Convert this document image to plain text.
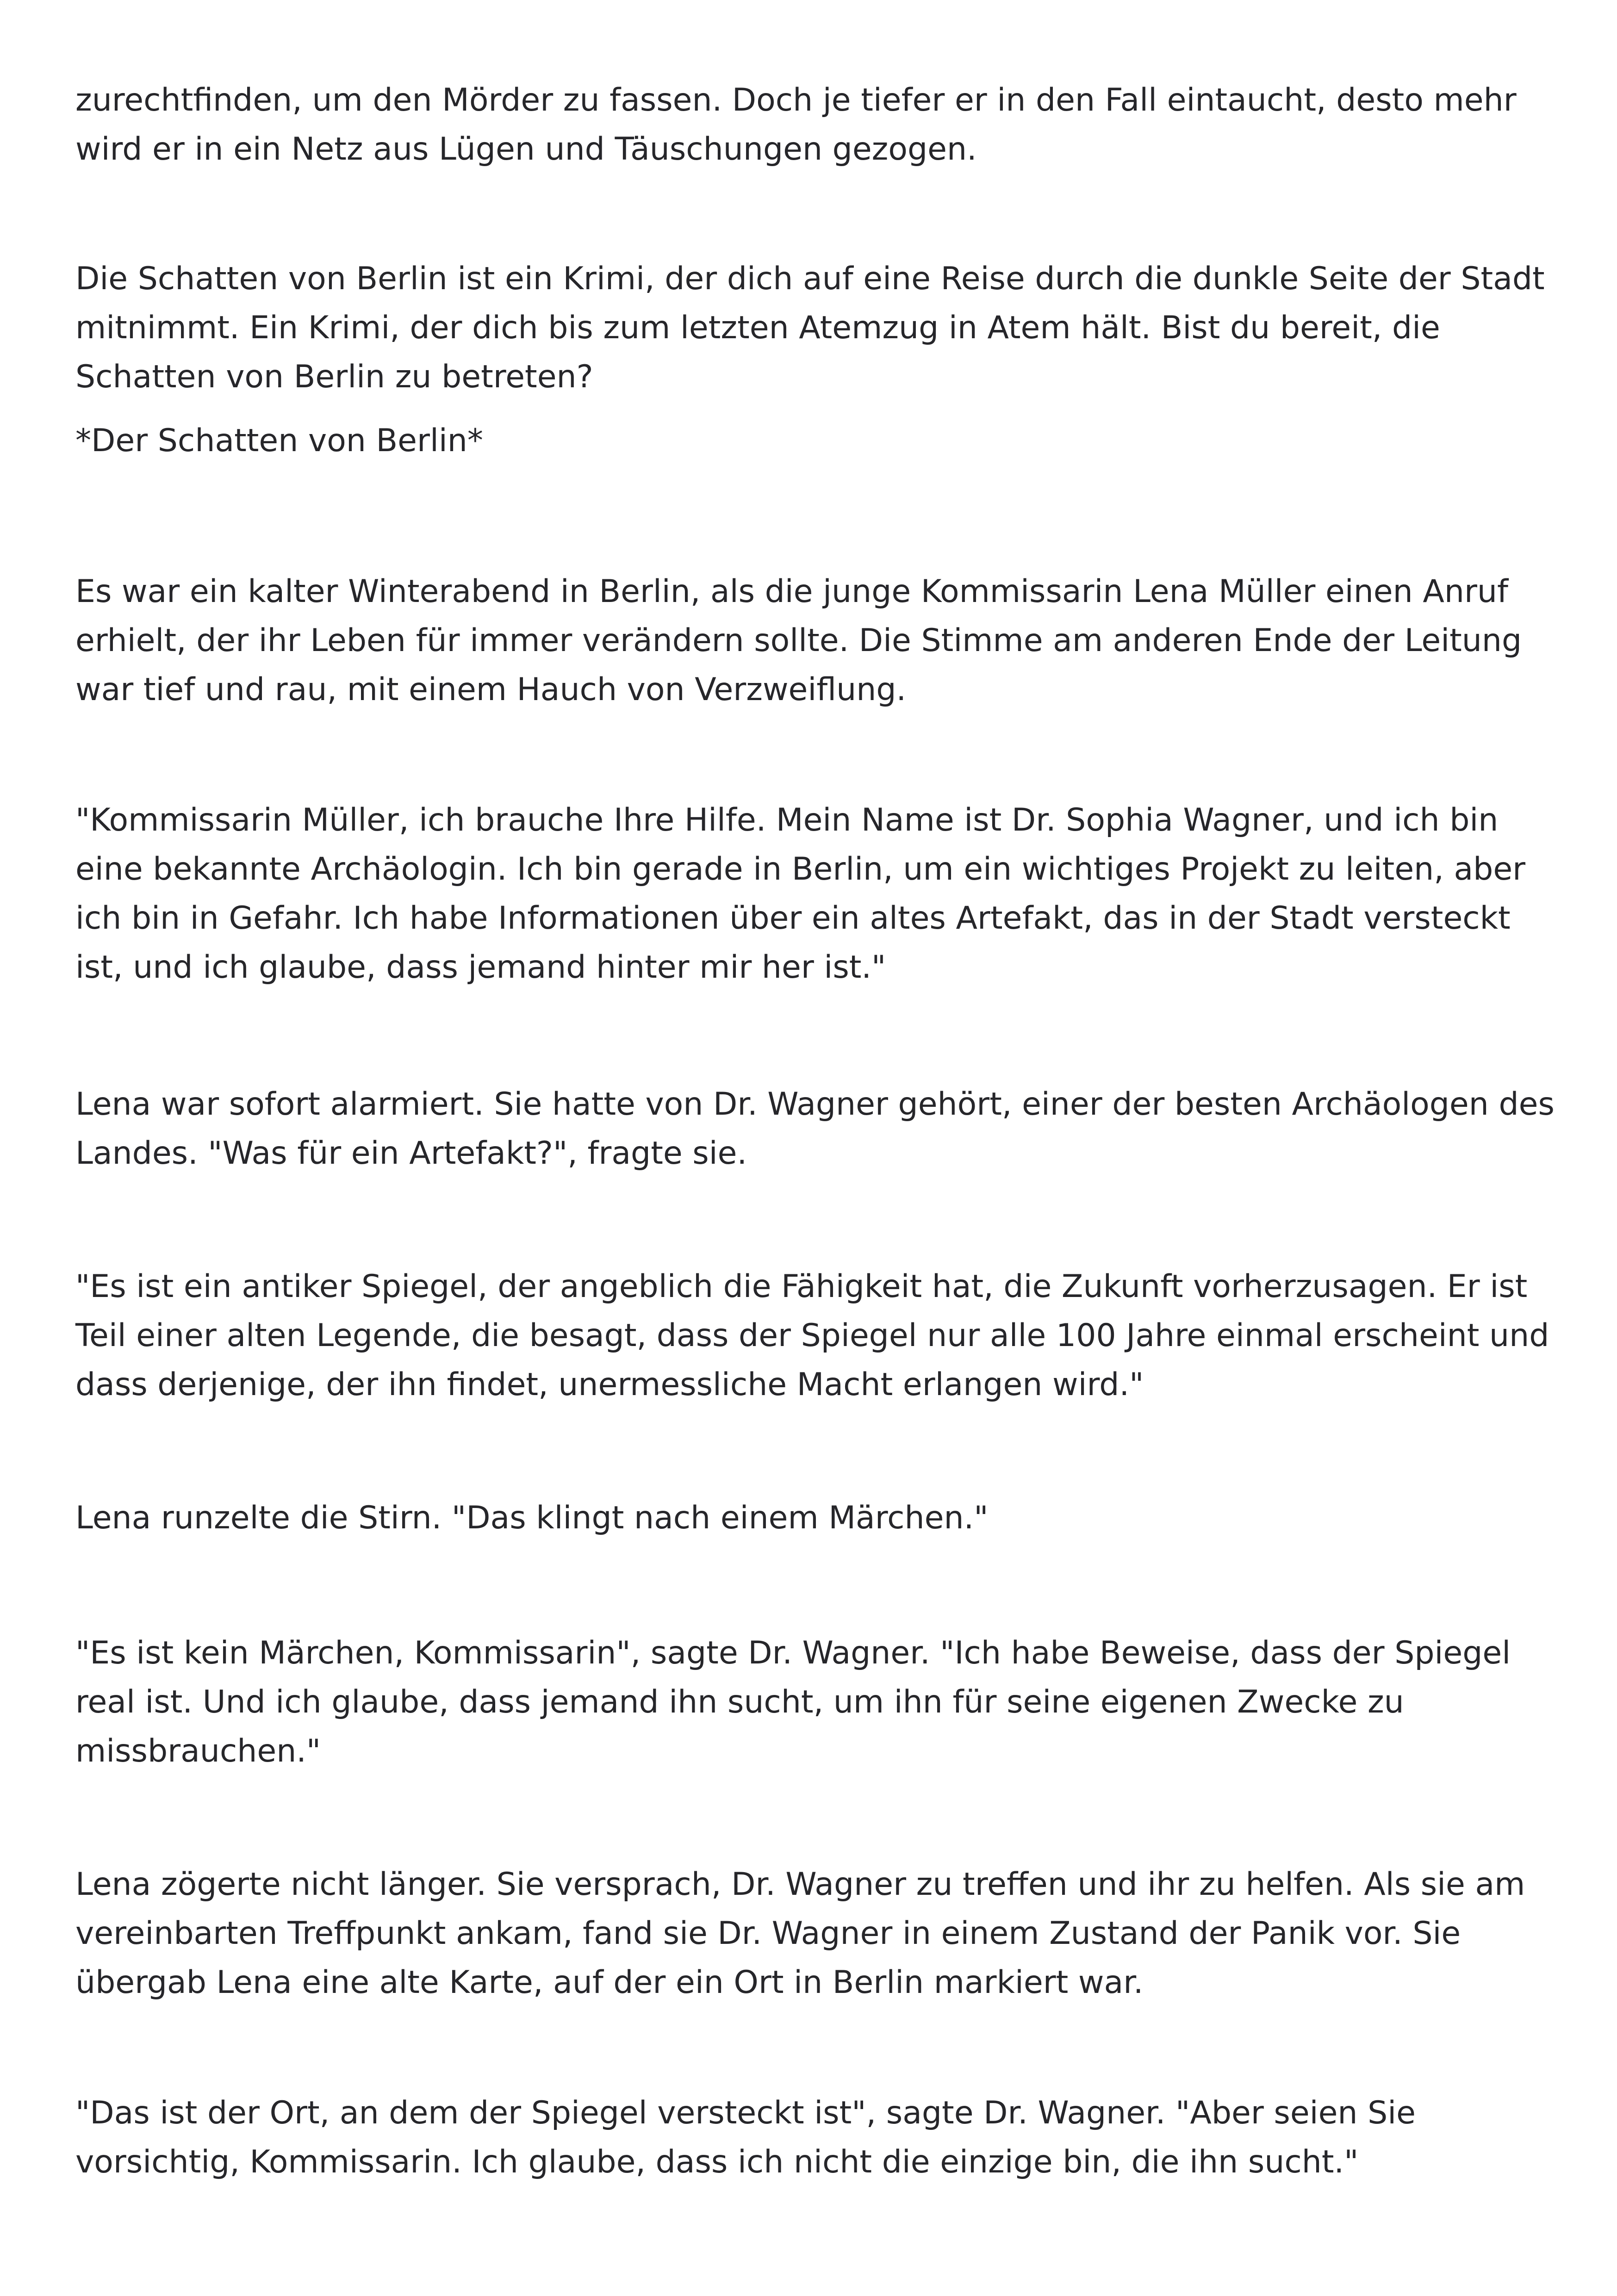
zurechtfinden, um den Mörder zu fassen. Doch je tiefer er in den Fall eintaucht, desto mehr wird er in ein Netz aus Lügen und Täuschungen gezogen.

Die Schatten von Berlin ist ein Krimi, der dich auf eine Reise durch die dunkle Seite der Stadt mitnimmt. Ein Krimi, der dich bis zum letzten Atemzug in Atem hält. Bist du bereit, die Schatten von Berlin zu betreten?

*Der Schatten von Berlin*

Es war ein kalter Winterabend in Berlin, als die junge Kommissarin Lena Müller einen Anruf erhielt, der ihr Leben für immer verändern sollte. Die Stimme am anderen Ende der Leitung war tief und rau, mit einem Hauch von Verzweiflung.

"Kommissarin Müller, ich brauche Ihre Hilfe. Mein Name ist Dr. Sophia Wagner, und ich bin eine bekannte Archäologin. Ich bin gerade in Berlin, um ein wichtiges Projekt zu leiten, aber ich bin in Gefahr. Ich habe Informationen über ein altes Artefakt, das in der Stadt versteckt ist, und ich glaube, dass jemand hinter mir her ist."

Lena war sofort alarmiert. Sie hatte von Dr. Wagner gehört, einer der besten Archäologen des Landes. "Was für ein Artefakt?", fragte sie.

"Es ist ein antiker Spiegel, der angeblich die Fähigkeit hat, die Zukunft vorherzusagen. Er ist Teil einer alten Legende, die besagt, dass der Spiegel nur alle 100 Jahre einmal erscheint und dass derjenige, der ihn findet, unermessliche Macht erlangen wird."

Lena runzelte die Stirn. "Das klingt nach einem Märchen."

"Es ist kein Märchen, Kommissarin", sagte Dr. Wagner. "Ich habe Beweise, dass der Spiegel real ist. Und ich glaube, dass jemand ihn sucht, um ihn für seine eigenen Zwecke zu missbrauchen."

Lena zögerte nicht länger. Sie versprach, Dr. Wagner zu treffen und ihr zu helfen. Als sie am vereinbarten Treffpunkt ankam, fand sie Dr. Wagner in einem Zustand der Panik vor. Sie übergab Lena eine alte Karte, auf der ein Ort in Berlin markiert war.

"Das ist der Ort, an dem der Spiegel versteckt ist", sagte Dr. Wagner. "Aber seien Sie vorsichtig, Kommissarin. Ich glaube, dass ich nicht die einzige bin, die ihn sucht."
